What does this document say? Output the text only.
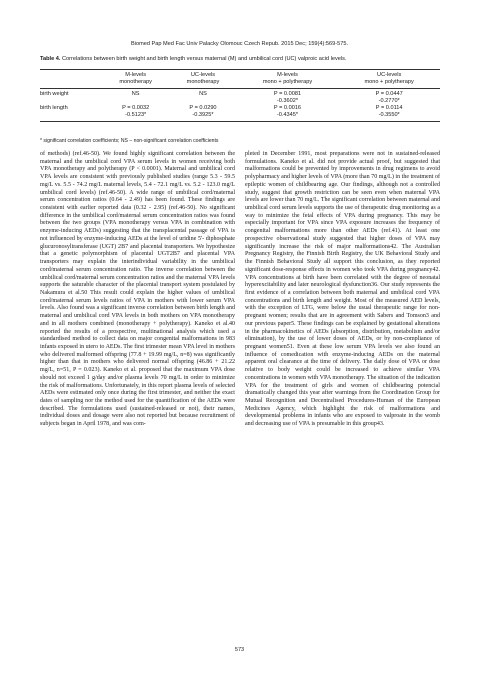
Biomed Pap Med Fac Univ Palacky Olomouc Czech Repub. 2015 Dec; 159(4):569-575.
Table 4. Correlations between birth weight and birth length versus maternal (M) and umbilical cord (UC) valproic acid levels.
	M-levels	UC-levels	M-levels	UC-levels
	monotherapy	monotherapy	mono + polytherapy	mono + polytherapy
birth weight	NS	NS	P = 0.0081	P = 0.0447
			-0.3602*	-0.2770*
birth length	P = 0.0032	P = 0.0290	P = 0.0016	P = 0.0114
	-0.5123*	-0.3925*	-0.4345*	-0.3550*
* significant correlation coefficients; NS – non-significant correlation coefficients

of methods) (ref.46-50). We found highly significant correlation between the maternal and the umbilical cord VPA serum levels in women receiving both VPA monotherapy and polytherapy (P < 0.0001). Maternal and umbilical cord VPA levels are consistent with previously published studies (range 5.3 - 59.5 mg/L vs. 5.5 - 74.2 mg/L maternal levels, 5.4 - 72.1 mg/L vs. 5.2 - 123.0 mg/L umbilical cord levels) (ref.46-50). A wide range of umbilical cord/maternal serum concentration ratios (0.64 - 2.49) has been found. These findings are consistent with earlier reported data (0.32 - 2.95) (ref.46-50). No significant difference in the umbilical cord/maternal serum concentration ratios was found between the two groups (VPA monotherapy versus VPA in combination with enzyme-inducing AEDs) suggesting that the transplacental passage of VPA is not influenced by enzyme-inducing AEDs at the level of uridine 5'- diphosphate glucuronosyltransferase (UGT) 2B7 and placental transporters. We hypothesize that a genetic polymorphism of placental UGT2B7 and placental VPA transporters may explain the interindividual variability in the umbilical cord/maternal serum concentration ratio. The inverse correlation between the umbilical cord/maternal serum concentration ratios and the maternal VPA levels supports the saturable character of the placental transport system postulated by Nakamura et al.50 This result could explain the higher values of umbilical cord/maternal serum levels ratios of VPA in mothers with lower serum VPA levels. Also found was a significant inverse correlation between birth length and maternal and umbilical cord VPA levels in both mothers on VPA monotherapy and in all mothers combined (monotherapy + polytherapy). Kaneko et al.40 reported the results of a prospective, multinational analysis which used a standardised method to collect data on major congenital malformations in 983 infants exposed in utero to AEDs. The first trimester mean VPA level in mothers who delivered malformed offspring (77.8 + 19.99 mg/L, n=8) was significantly higher than that in mothers who delivered normal offspring (46.86 + 21.22 mg/L, n=51, P = 0.023). Kaneko et al. proposed that the maximum VPA dose should not exceed 1 g/day and/or plasma levels 70 mg/L in order to minimize the risk of malformations. Unfortunately, in this report plasma levels of selected AEDs were estimated only once during the first trimester, and neither the exact dates of sampling nor the method used for the quantification of the AEDs were described. The formulations used (sustained-released or not), their names, individual doses and dosage were also not reported but because recruitment of subjects began in April 1978, and was com-

pleted in December 1991, most preparations were not in sustained-released formulations. Kaneko et al. did not provide actual proof, but suggested that malformations could be prevented by improvements in drug regimens to avoid polypharmacy and higher levels of VPA (more than 70 mg/L) in the treatment of epileptic women of childbearing age. Our findings, although not a controlled study, suggest that growth restriction can be seen even when maternal VPA levels are lower than 70 mg/L. The significant correlation between maternal and umbilical cord serum levels supports the use of therapeutic drug monitoring as a way to minimize the fetal effects of VPA during pregnancy. This may be especially important for VPA since VPA exposure increases the frequency of congenital malformations more than other AEDs (ref.41). At least one prospective observational study suggested that higher doses of VPA may significantly increase the risk of major malformations42. The Australian Pregnancy Registry, the Finnish Birth Registry, the UK Behavioral Study and the Finnish Behavioral Study all support this conclusion, as they reported significant dose-response effects in women who took VPA during pregnancy42. VPA concentrations at birth have been correlated with the degree of neonatal hyperexcitability and later neurological dysfunction36. Our study represents the first evidence of a correlation between both maternal and umbilical cord VPA concentrations and birth length and weight. Most of the measured AED levels, with the exception of LTG, were below the usual therapeutic range for non-pregnant women; results that are in agreement with Sabers and Tomson3 and our previous paper5. These findings can be explained by gestational alterations in the pharmacokinetics of AEDs (absorption, distribution, metabolism and/or elimination), by the use of lower doses of AEDs, or by non-compliance of pregnant women51. Even at these low serum VPA levels we also found an influence of comedication with enzyme-inducing AEDs on the maternal apparent oral clearance at the time of delivery. The daily dose of VPA or dose relative to body weight could be increased to achieve similar VPA concentrations in women with VPA monotherapy. The situation of the indication VPA for the treatment of girls and women of childbearing potencial dramatically changed this year after warnings from the Coordination Group for Mutual Recognition and Decentralised Procedures-Human of the European Medicines Agency, which highlight the risk of malformations and developmental problems in infants who are exposed to valproate in the womb and decreasing use of VPA is presumable in this group43.

573
